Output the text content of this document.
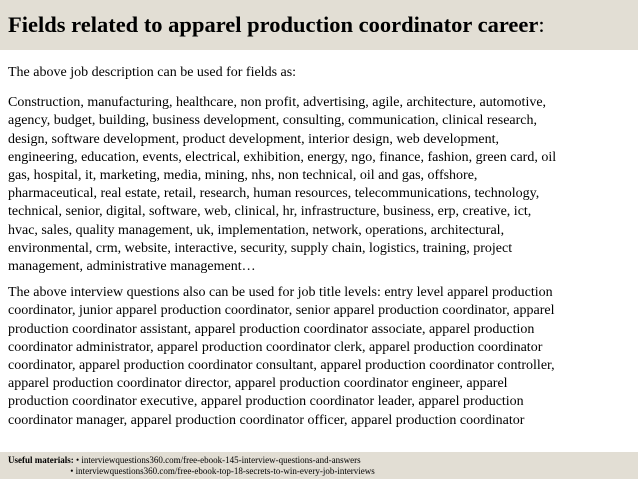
Fields related to apparel production coordinator career:

The above job description can be used for fields as:

Construction, manufacturing, healthcare, non profit, advertising, agile, architecture, automotive,
agency, budget, building, business development, consulting, communication, clinical research,
design, software development, product development, interior design, web development,
engineering, education, events, electrical, exhibition, energy, ngo, finance, fashion, green card, oil
gas, hospital, it, marketing, media, mining, nhs, non technical, oil and gas, offshore,
pharmaceutical, real estate, retail, research, human resources, telecommunications, technology,
technical, senior, digital, software, web, clinical, hr, infrastructure, business, erp, creative, ict,
hvac, sales, quality management, uk, implementation, network, operations, architectural,
environmental, crm, website, interactive, security, supply chain, logistics, training, project
management, administrative management…

The above interview questions also can be used for job title levels: entry level apparel production
coordinator, junior apparel production coordinator, senior apparel production coordinator, apparel
production coordinator assistant, apparel production coordinator associate, apparel production
coordinator administrator, apparel production coordinator clerk, apparel production coordinator
coordinator, apparel production coordinator consultant, apparel production coordinator controller,
apparel production coordinator director, apparel production coordinator engineer, apparel
production coordinator executive, apparel production coordinator leader, apparel production
coordinator manager, apparel production coordinator officer, apparel production coordinator

Useful materials: • interviewquestions360.com/free-ebook-145-interview-questions-and-answers
• interviewquestions360.com/free-ebook-top-18-secrets-to-win-every-job-interviews
